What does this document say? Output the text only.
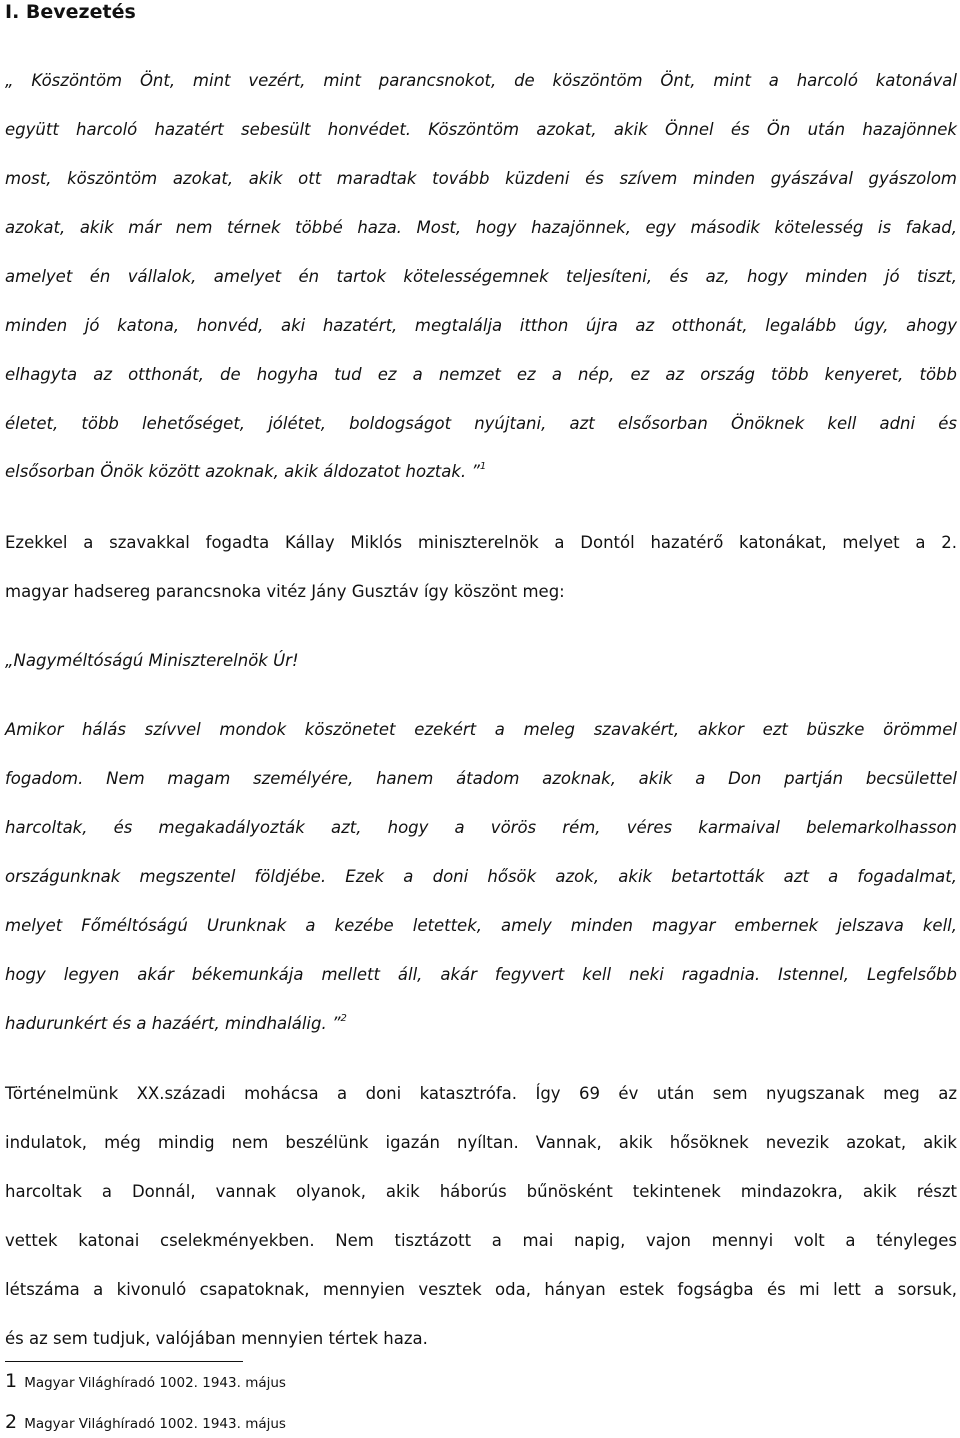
I. Bevezetés
„ Köszöntöm Önt, mint vezért, mint parancsnokot, de köszöntöm Önt, mint a harcoló katonával
együtt harcoló hazatért sebesült honvédet. Köszöntöm azokat, akik Önnel és Ön után hazajönnek
most, köszöntöm azokat, akik ott maradtak tovább küzdeni és szívem minden gyászával gyászolom
azokat, akik már nem térnek többé haza. Most, hogy hazajönnek, egy második kötelesség is fakad,
amelyet én vállalok, amelyet én tartok kötelességemnek teljesíteni, és az, hogy minden jó tiszt,
minden jó katona, honvéd, aki hazatért, megtalálja itthon újra az otthonát, legalább úgy, ahogy
elhagyta az otthonát, de hogyha tud ez a nemzet ez a nép, ez az ország több kenyeret, több
életet, több lehetőséget, jólétet, boldogságot nyújtani, azt elsősorban Önöknek kell adni és
elsősorban Önök között azoknak, akik áldozatot hoztak. ”$^1$
Ezekkel a szavakkal fogadta Kállay Miklós miniszterelnök a Dontól hazatérő katonákat, melyet a 2.
magyar hadsereg parancsnoka vitéz Jány Gusztáv így köszönt meg:
„Nagyméltóságú Miniszterelnök Úr!
Amikor hálás szívvel mondok köszönetet ezekért a meleg szavakért, akkor ezt büszke örömmel
fogadom. Nem magam személyére, hanem átadom azoknak, akik a Don partján becsülettel
harcoltak, és megakadályozták azt, hogy a vörös rém, véres karmaival belemarkolhasson
országunknak megszentel földjébe. Ezek a doni hősök azok, akik betartották azt a fogadalmat,
melyet Főméltóságú Urunknak a kezébe letettek, amely minden magyar embernek jelszava kell,
hogy legyen akár békemunkája mellett áll, akár fegyvert kell neki ragadnia. Istennel, Legfelsőbb
hadurunkért és a hazáért, mindhalálig. ”$^2$
Történelmünk XX.századi mohácsa a doni katasztrófa. Így 69 év után sem nyugszanak meg az
indulatok, még mindig nem beszélünk igazán nyíltan. Vannak, akik hősöknek nevezik azokat, akik
harcoltak a Donnál, vannak olyanok, akik háborús bűnösként tekintenek mindazokra, akik részt
vettek katonai cselekményekben. Nem tisztázott a mai napig, vajon mennyi volt a tényleges
létszáma a kivonuló csapatoknak, mennyien vesztek oda, hányan estek fogságba és mi lett a sorsuk,
és az sem tudjuk, valójában mennyien tértek haza.
1 Magyar Világhíradó 1002. 1943. május
2 Magyar Világhíradó 1002. 1943. május
